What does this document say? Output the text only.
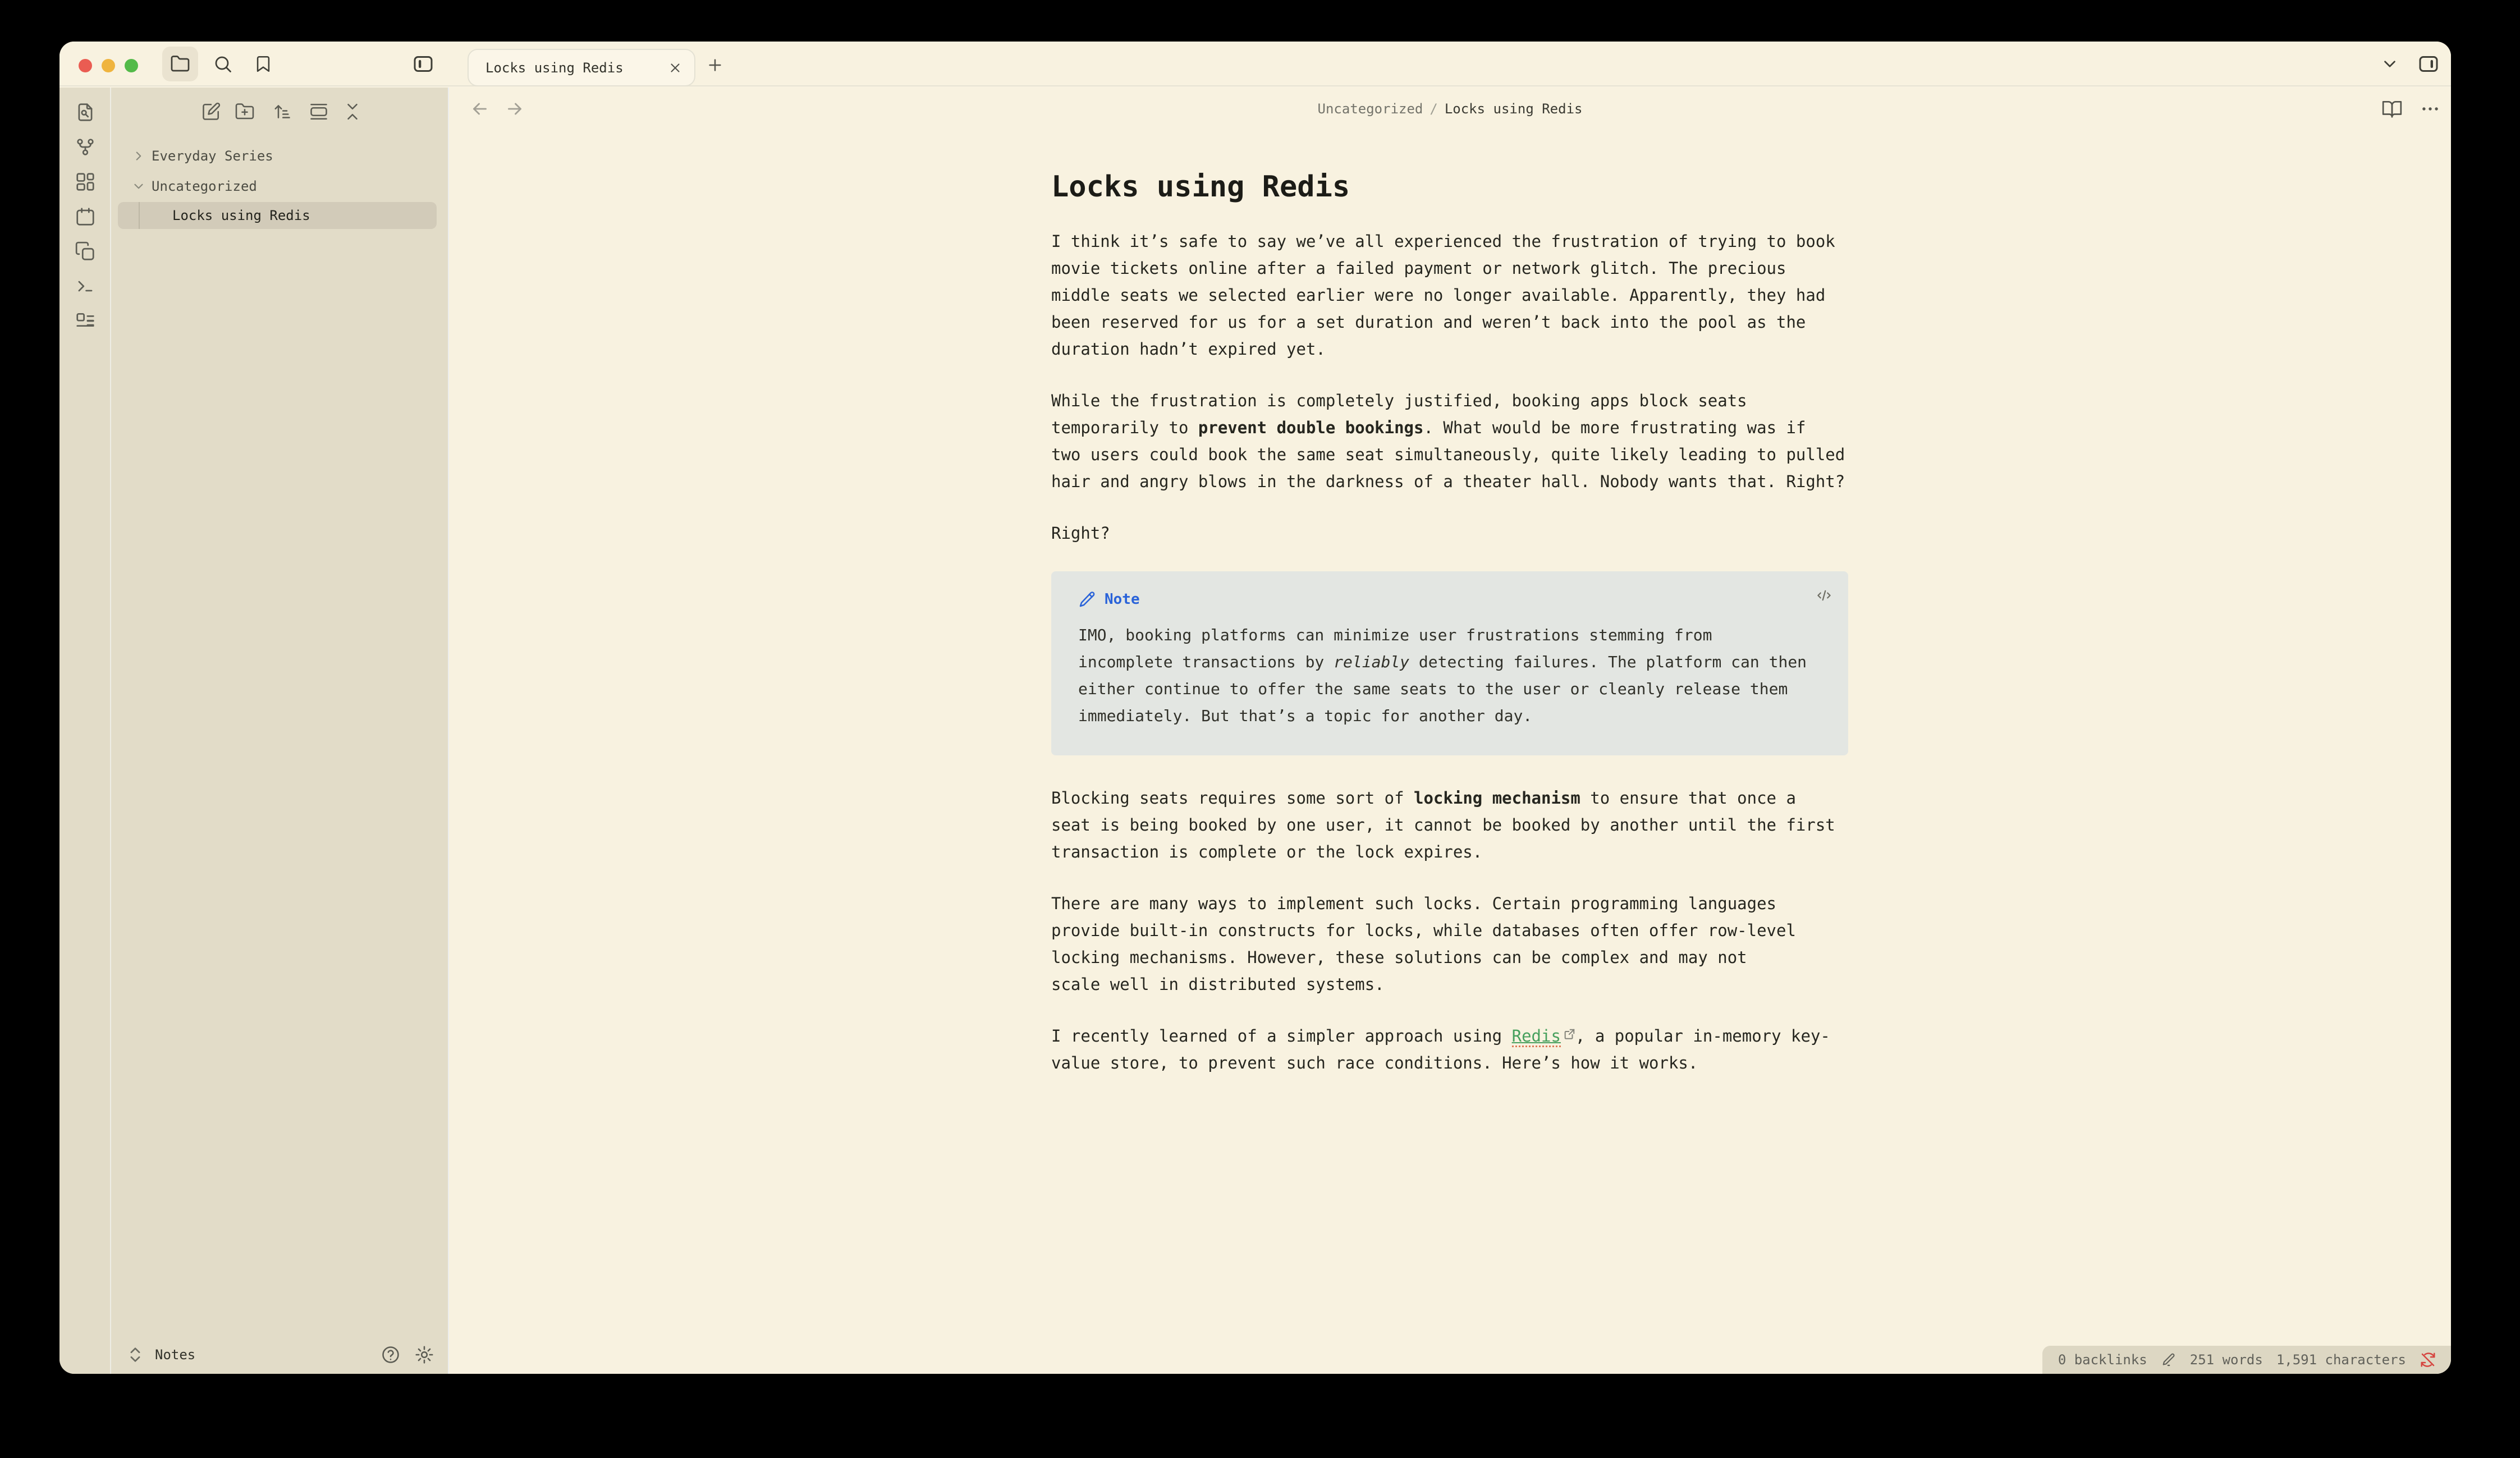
Locks using Redis
Everyday Series
Uncategorized
Locks using Redis
Notes
Uncategorized / Locks using Redis
Locks using Redis

I think it’s safe to say we’ve all experienced the frustration of trying to book
movie tickets online after a failed payment or network glitch. The precious
middle seats we selected earlier were no longer available. Apparently, they had
been reserved for us for a set duration and weren’t back into the pool as the
duration hadn’t expired yet.

While the frustration is completely justified, booking apps block seats
temporarily to prevent double bookings. What would be more frustrating was if
two users could book the same seat simultaneously, quite likely leading to pulled
hair and angry blows in the darkness of a theater hall. Nobody wants that. Right?

Right?

Note
IMO, booking platforms can minimize user frustrations stemming from
incomplete transactions by reliably detecting failures. The platform can then
either continue to offer the same seats to the user or cleanly release them
immediately. But that’s a topic for another day.

Blocking seats requires some sort of locking mechanism to ensure that once a
seat is being booked by one user, it cannot be booked by another until the first
transaction is complete or the lock expires.

There are many ways to implement such locks. Certain programming languages
provide built-in constructs for locks, while databases often offer row-level
locking mechanisms. However, these solutions can be complex and may not
scale well in distributed systems.

I recently learned of a simpler approach using Redis , a popular in-memory key-
value store, to prevent such race conditions. Here’s how it works.

0 backlinks	251 words 1,591 characters
